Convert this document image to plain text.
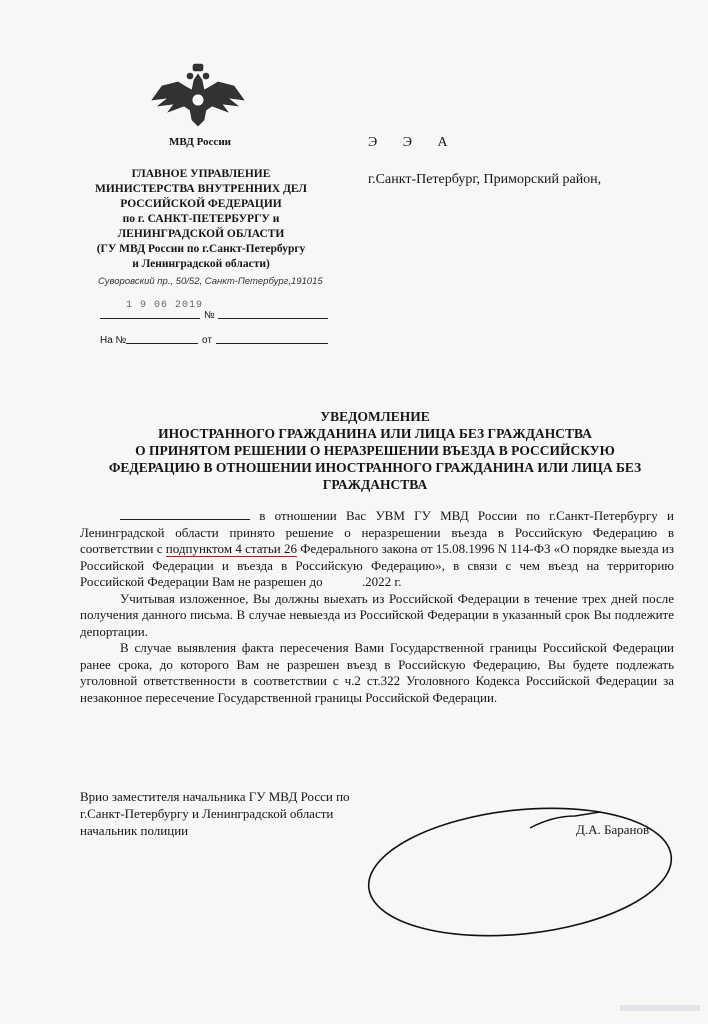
МВД России
ГЛАВНОЕ УПРАВЛЕНИЕ
МИНИСТЕРСТВА ВНУТРЕННИХ ДЕЛ
РОССИЙСКОЙ ФЕДЕРАЦИИ
по г. САНКТ-ПЕТЕРБУРГУ и
ЛЕНИНГРАДСКОЙ ОБЛАСТИ
(ГУ МВД России по г.Санкт-Петербургу
и Ленинградской области)
Суворовский пр., 50/52, Санкт-Петербург,191015
1 9 06 2019
№
На №	от
Э Э А
г.Санкт-Петербург, Приморский район,
УВЕДОМЛЕНИЕ
ИНОСТРАННОГО ГРАЖДАНИНА ИЛИ ЛИЦА БЕЗ ГРАЖДАНСТВА
О ПРИНЯТОМ РЕШЕНИИ О НЕРАЗРЕШЕНИИ ВЪЕЗДА В РОССИЙСКУЮ
ФЕДЕРАЦИЮ В ОТНОШЕНИИ ИНОСТРАННОГО ГРАЖДАНИНА ИЛИ ЛИЦА БЕЗ
ГРАЖДАНСТВА

в отношении Вас УВМ ГУ МВД России по г.Санкт-Петербургу и Ленинградской области принято решение о неразрешении въезда в Российскую Федерацию в соответствии с подпунктом 4 статьи 26 Федерального закона от 15.08.1996 N 114-ФЗ «О порядке выезда из Российской Федерации и въезда в Российскую Федерацию», в связи с чем въезд на территорию Российской Федерации Вам не разрешен до	.2022 г.

Учитывая изложенное, Вы должны выехать из Российской Федерации в течение трех дней после получения данного письма. В случае невыезда из Российской Федерации в указанный срок Вы подлежите депортации.

В случае выявления факта пересечения Вами Государственной границы Российской Федерации ранее срока, до которого Вам не разрешен въезд в Российскую Федерацию, Вы будете подлежать уголовной ответственности в соответствии с ч.2 ст.322 Уголовного Кодекса Российской Федерации за незаконное пересечение Государственной границы Российской Федерации.

Врио заместителя начальника ГУ МВД Росси по
г.Санкт-Петербургу и Ленинградской области
начальник полиции	Д.А. Баранов
